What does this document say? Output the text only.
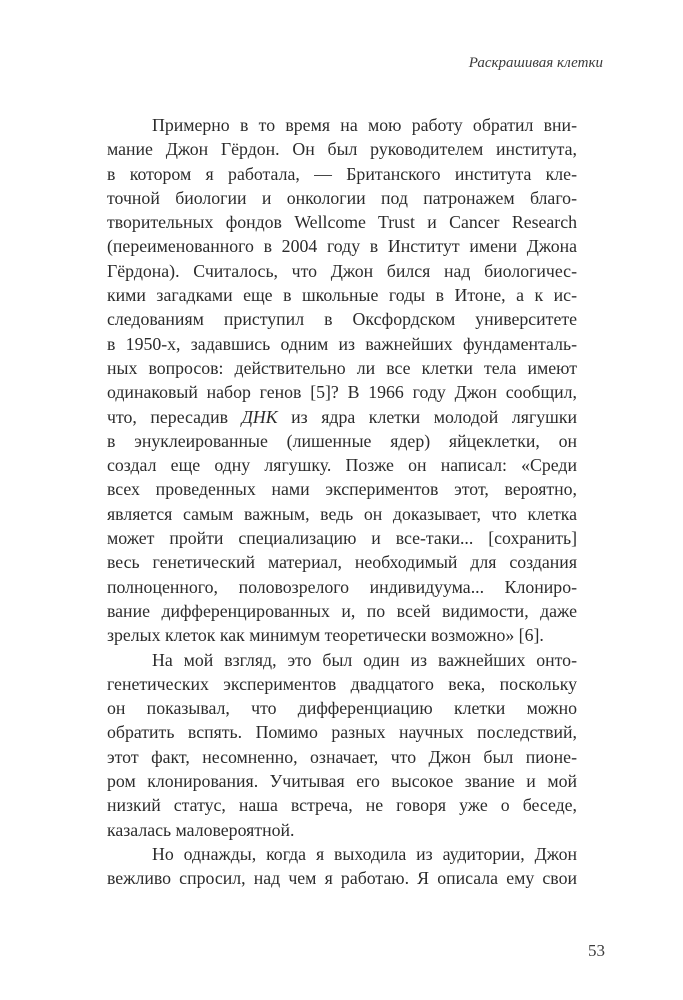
Раскрашивая клетки
Примерно в то время на мою работу обратил вни-
мание Джон Гёрдон. Он был руководителем института,
в котором я работала, — Британского института кле-
точной биологии и онкологии под патронажем благо-
творительных фондов Wellcome Trust и Cancer Research
(переименованного в 2004 году в Институт имени Джона
Гёрдона). Считалось, что Джон бился над биологичес-
кими загадками еще в школьные годы в Итоне, а к ис-
следованиям приступил в Оксфордском университете
в 1950-х, задавшись одним из важнейших фундаменталь-
ных вопросов: действительно ли все клетки тела имеют
одинаковый набор генов [5]? В 1966 году Джон сообщил,
что, пересадив ДНК из ядра клетки молодой лягушки
в энуклеированные (лишенные ядер) яйцеклетки, он
создал еще одну лягушку. Позже он написал: «Среди
всех проведенных нами экспериментов этот, вероятно,
является самым важным, ведь он доказывает, что клетка
может пройти специализацию и все-таки... [сохранить]
весь генетический материал, необходимый для создания
полноценного, половозрелого индивидуума... Клониро-
вание дифференцированных и, по всей видимости, даже
зрелых клеток как минимум теоретически возможно» [6].
На мой взгляд, это был один из важнейших онто-
генетических экспериментов двадцатого века, поскольку
он показывал, что дифференциацию клетки можно
обратить вспять. Помимо разных научных последствий,
этот факт, несомненно, означает, что Джон был пионе-
ром клонирования. Учитывая его высокое звание и мой
низкий статус, наша встреча, не говоря уже о беседе,
казалась маловероятной.
Но однажды, когда я выходила из аудитории, Джон
вежливо спросил, над чем я работаю. Я описала ему свои
53
